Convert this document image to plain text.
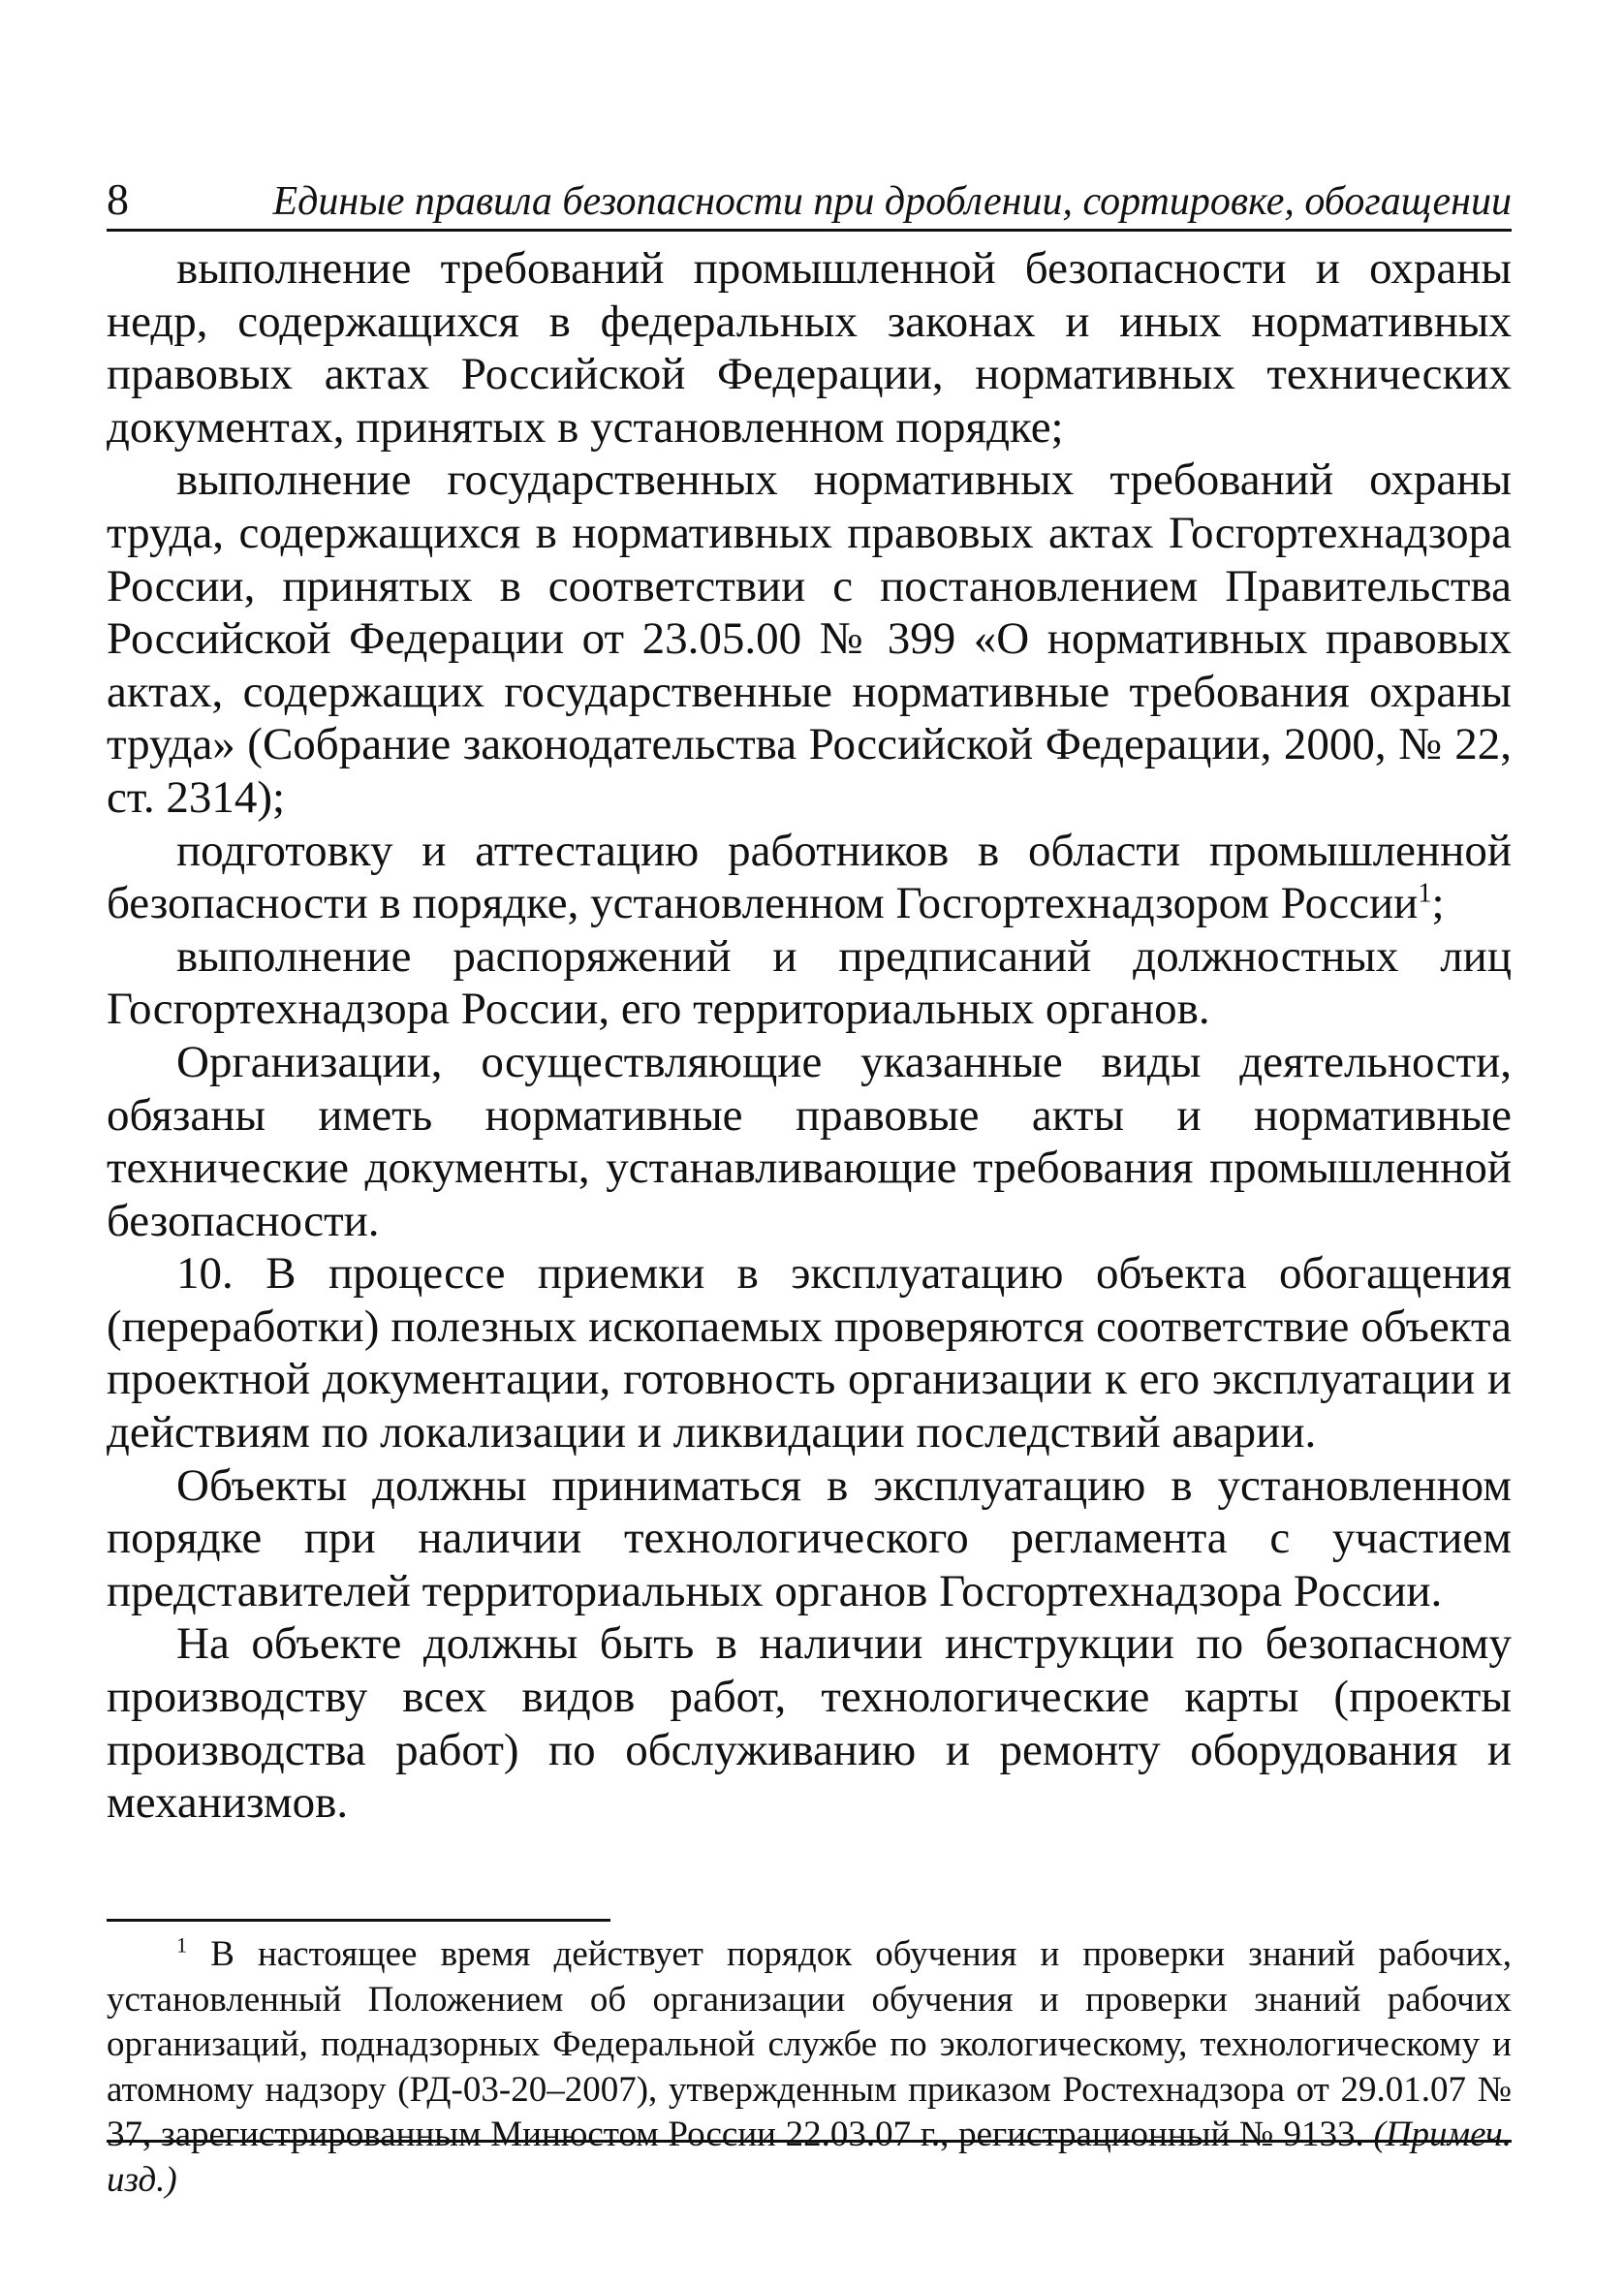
8	Единые правила безопасности при дроблении, сортировке, обогащении

выполнение требований промышленной безопасности и охраны недр, содержащихся в федеральных законах и иных нормативных правовых актах Российской Федерации, нормативных технических документах, принятых в установленном порядке;

выполнение государственных нормативных требований охраны труда, содержащихся в нормативных правовых актах Госгортехнадзора России, принятых в соответствии с постановлением Правительства Российской Федерации от 23.05.00 № 399 «О нормативных правовых актах, содержащих государственные нормативные требования охраны труда» (Собрание законодательства Российской Федерации, 2000, № 22, ст. 2314);

подготовку и аттестацию работников в области промышленной безопасности в порядке, установленном Госгортехнадзором России$^1$;

выполнение распоряжений и предписаний должностных лиц Госгортехнадзора России, его территориальных органов.

Организации, осуществляющие указанные виды деятельности, обязаны иметь нормативные правовые акты и нормативные технические документы, устанавливающие требования промышленной безопасности.

10. В процессе приемки в эксплуатацию объекта обогащения (переработки) полезных ископаемых проверяются соответствие объекта проектной документации, готовность организации к его эксплуатации и действиям по локализации и ликвидации последствий аварии.

Объекты должны приниматься в эксплуатацию в установленном порядке при наличии технологического регламента с участием представителей территориальных органов Госгортехнадзора России.

На объекте должны быть в наличии инструкции по безопасному производству всех видов работ, технологические карты (проекты производства работ) по обслуживанию и ремонту оборудования и механизмов.

$^1$ В настоящее время действует порядок обучения и проверки знаний рабочих, установленный Положением об организации обучения и проверки знаний рабочих организаций, поднадзорных Федеральной службе по экологическому, технологическому и атомному надзору (РД-03-20–2007), утвержденным приказом Ростехнадзора от 29.01.07 № 37, зарегистрированным Минюстом России 22.03.07 г., регистрационный № 9133. (Примеч. изд.)
